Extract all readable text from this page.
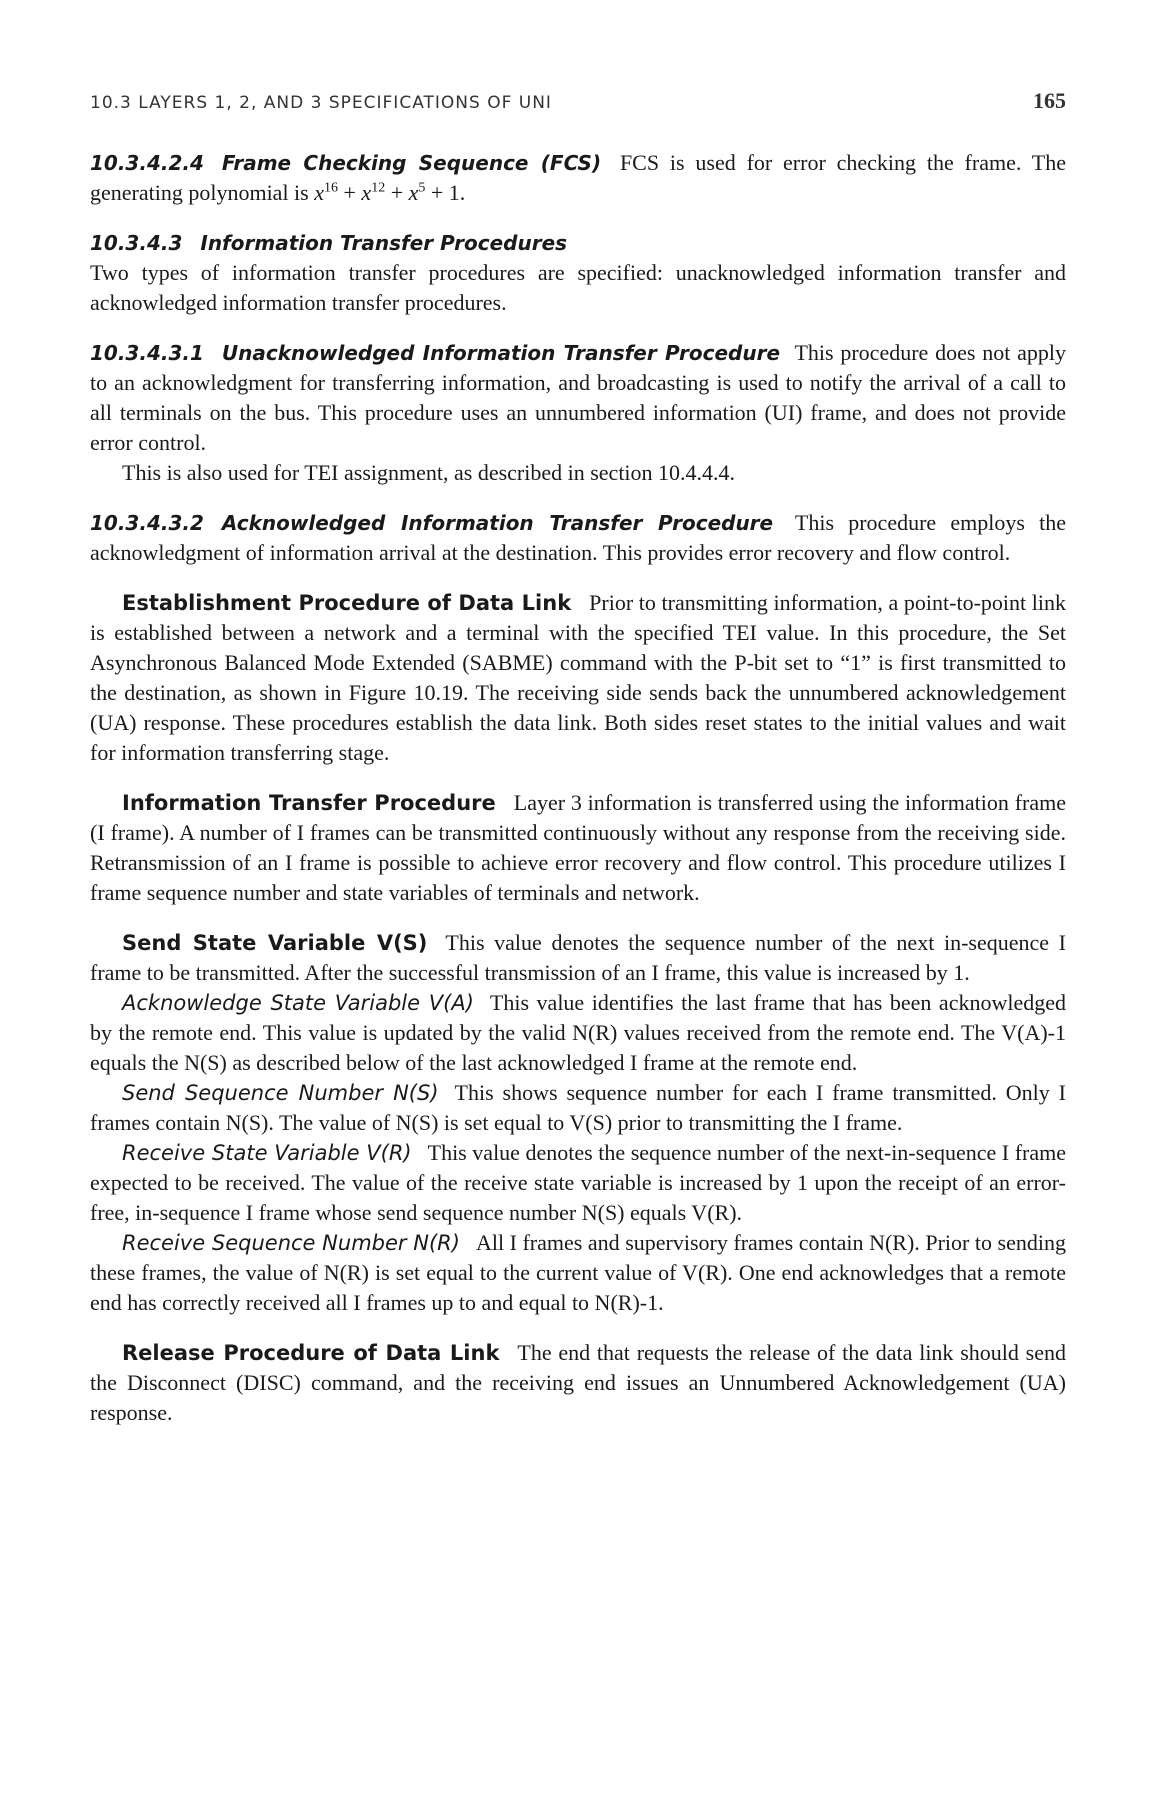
10.3 LAYERS 1, 2, AND 3 SPECIFICATIONS OF UNI	165

10.3.4.2.4 Frame Checking Sequence (FCS) FCS is used for error checking the frame. The generating polynomial is $x^{16} + x^{12} + x^5 + 1$.

10.3.4.3 Information Transfer Procedures

Two types of information transfer procedures are specified: unacknowledged information transfer and acknowledged information transfer procedures.

10.3.4.3.1 Unacknowledged Information Transfer Procedure This procedure does not apply to an acknowledgment for transferring information, and broadcasting is used to notify the arrival of a call to all terminals on the bus. This procedure uses an unnumbered information (UI) frame, and does not provide error control.

This is also used for TEI assignment, as described in section 10.4.4.4.

10.3.4.3.2 Acknowledged Information Transfer Procedure This procedure employs the acknowledgment of information arrival at the destination. This provides error recovery and flow control.

Establishment Procedure of Data Link Prior to transmitting information, a point-to-point link is established between a network and a terminal with the specified TEI value. In this procedure, the Set Asynchronous Balanced Mode Extended (SABME) command with the P-bit set to “1” is first transmitted to the destination, as shown in Figure 10.19. The receiving side sends back the unnumbered acknowledgement (UA) response. These procedures establish the data link. Both sides reset states to the initial values and wait for information transferring stage.

Information Transfer Procedure Layer 3 information is transferred using the information frame (I frame). A number of I frames can be transmitted continuously without any response from the receiving side. Retransmission of an I frame is possible to achieve error recovery and flow control. This procedure utilizes I frame sequence number and state variables of terminals and network.

Send State Variable V(S) This value denotes the sequence number of the next in-sequence I frame to be transmitted. After the successful transmission of an I frame, this value is increased by 1.

Acknowledge State Variable V(A) This value identifies the last frame that has been acknowledged by the remote end. This value is updated by the valid N(R) values received from the remote end. The V(A)-1 equals the N(S) as described below of the last acknowledged I frame at the remote end.

Send Sequence Number N(S) This shows sequence number for each I frame transmitted. Only I frames contain N(S). The value of N(S) is set equal to V(S) prior to transmitting the I frame.

Receive State Variable V(R) This value denotes the sequence number of the next-in-sequence I frame expected to be received. The value of the receive state variable is increased by 1 upon the receipt of an error-free, in-sequence I frame whose send sequence number N(S) equals V(R).

Receive Sequence Number N(R) All I frames and supervisory frames contain N(R). Prior to sending these frames, the value of N(R) is set equal to the current value of V(R). One end acknowledges that a remote end has correctly received all I frames up to and equal to N(R)-1.

Release Procedure of Data Link The end that requests the release of the data link should send the Disconnect (DISC) command, and the receiving end issues an Unnumbered Acknowledgement (UA) response.
